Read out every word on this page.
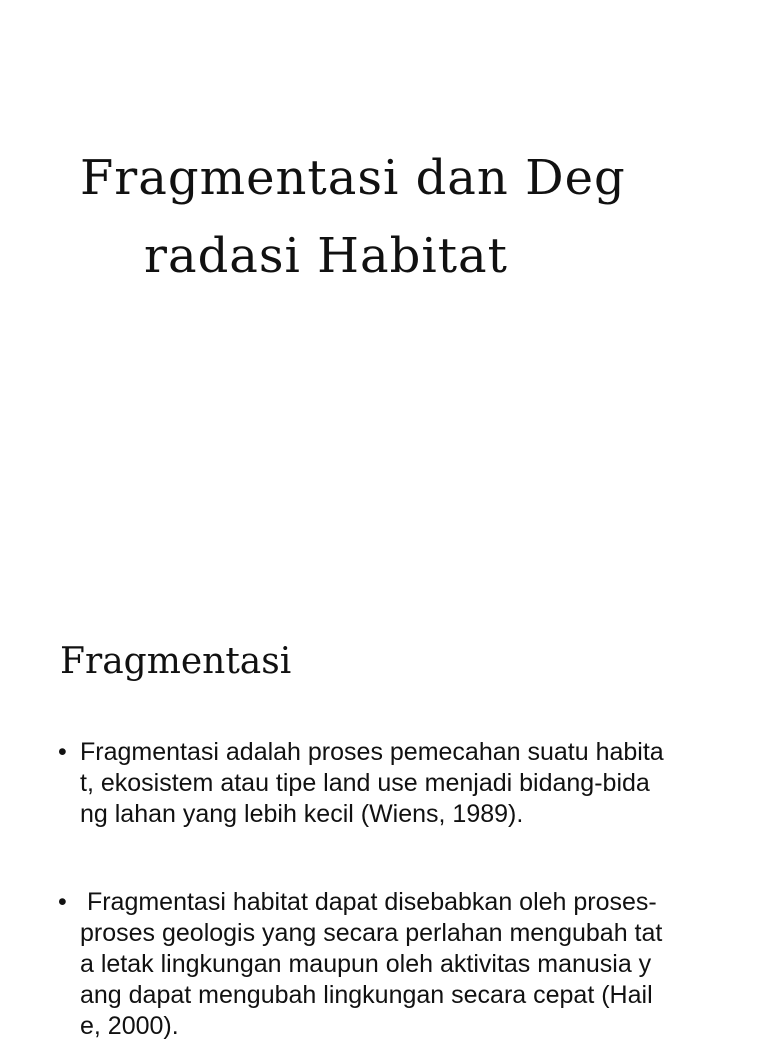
Fragmentasi dan Deg
radasi Habitat
Fragmentasi
• Fragmentasi adalah proses pemecahan suatu habita
t, ekosistem atau tipe land use menjadi bidang-bida
ng lahan yang lebih kecil (Wiens, 1989).
• Fragmentasi habitat dapat disebabkan oleh proses-
proses geologis yang secara perlahan mengubah tat
a letak lingkungan maupun oleh aktivitas manusia y
ang dapat mengubah lingkungan secara cepat (Hail
e, 2000).
